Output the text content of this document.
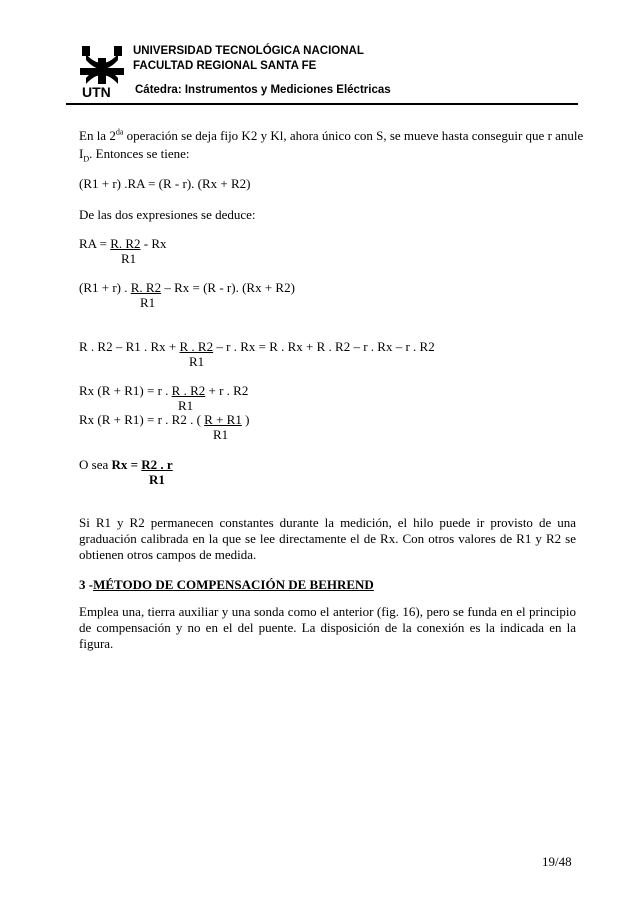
UTN
UNIVERSIDAD TECNOLÓGICA NACIONAL
FACULTAD REGIONAL SANTA FE
Cátedra: Instrumentos y Mediciones Eléctricas
En la $2^{da}$ operación se deja fijo K2 y Kl, ahora único con S, se mueve hasta conseguir que r anule
$I_D$. Entonces se tiene:
(R1 + r) .RA = (R - r). (Rx + R2)
De las dos expresiones se deduce:
RA = R. R2 - Rx
R1
(R1 + r) . R. R2 – Rx = (R - r). (Rx + R2)
R1
R . R2 – R1 . Rx + R . R2 – r . Rx = R . Rx + R . R2 – r . Rx – r . R2
R1
Rx (R + R1) = r . R . R2 + r . R2
R1
Rx (R + R1) = r . R2 . ( R + R1 )
R1
O sea Rx = R2 . r
R1
Si R1 y R2 permanecen constantes durante la medición, el hilo puede ir provisto de una graduación calibrada en la que se lee directamente el de Rx. Con otros valores de R1 y R2 se obtienen otros campos de medida.
3 -MÉTODO DE COMPENSACIÓN DE BEHREND
Emplea una, tierra auxiliar y una sonda como el anterior (fig. 16), pero se funda en el principio de compensación y no en el del puente. La disposición de la conexión es la indicada en la figura.
19/48
